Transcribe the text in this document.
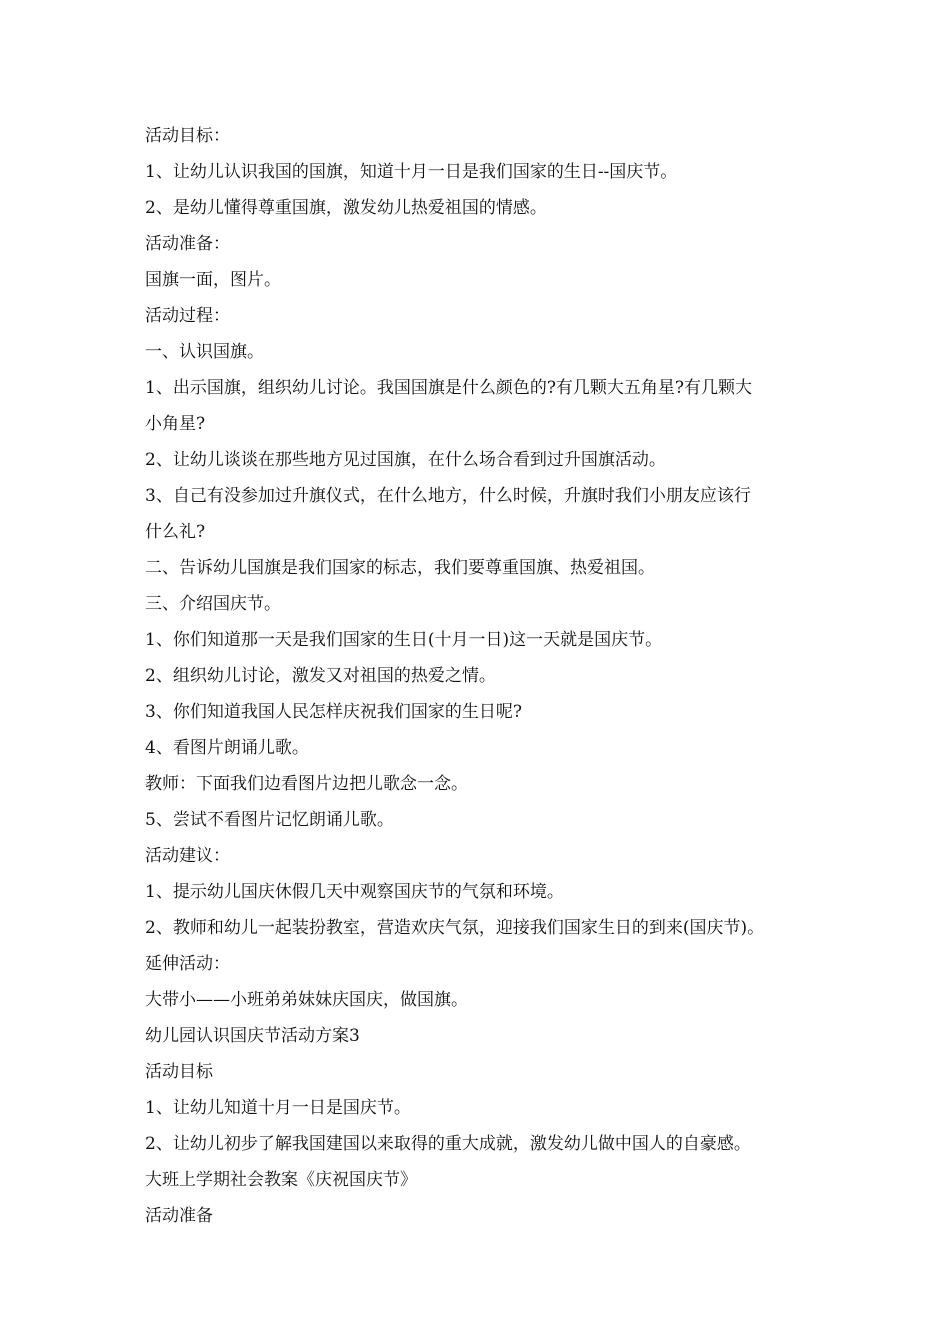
活动目标：

1、让幼儿认识我国的国旗，知道十月一日是我们国家的生日--国庆节。

2、是幼儿懂得尊重国旗，激发幼儿热爱祖国的情感。

活动准备：

国旗一面，图片。

活动过程：

一、认识国旗。

1、出示国旗，组织幼儿讨论。我国国旗是什么颜色的?有几颗大五角星?有几颗大

小角星?

2、让幼儿谈谈在那些地方见过国旗，在什么场合看到过升国旗活动。

3、自己有没参加过升旗仪式，在什么地方，什么时候，升旗时我们小朋友应该行

什么礼?

二、告诉幼儿国旗是我们国家的标志，我们要尊重国旗、热爱祖国。

三、介绍国庆节。

1、你们知道那一天是我们国家的生日(十月一日)这一天就是国庆节。

2、组织幼儿讨论，激发又对祖国的热爱之情。

3、你们知道我国人民怎样庆祝我们国家的生日呢?

4、看图片朗诵儿歌。

教师：下面我们边看图片边把儿歌念一念。

5、尝试不看图片记忆朗诵儿歌。

活动建议：

1、提示幼儿国庆休假几天中观察国庆节的气氛和环境。

2、教师和幼儿一起装扮教室，营造欢庆气氛，迎接我们国家生日的到来(国庆节)。

延伸活动：

大带小——小班弟弟妹妹庆国庆，做国旗。

幼儿园认识国庆节活动方案3

活动目标

1、让幼儿知道十月一日是国庆节。

2、让幼儿初步了解我国建国以来取得的重大成就，激发幼儿做中国人的自豪感。

大班上学期社会教案《庆祝国庆节》

活动准备
